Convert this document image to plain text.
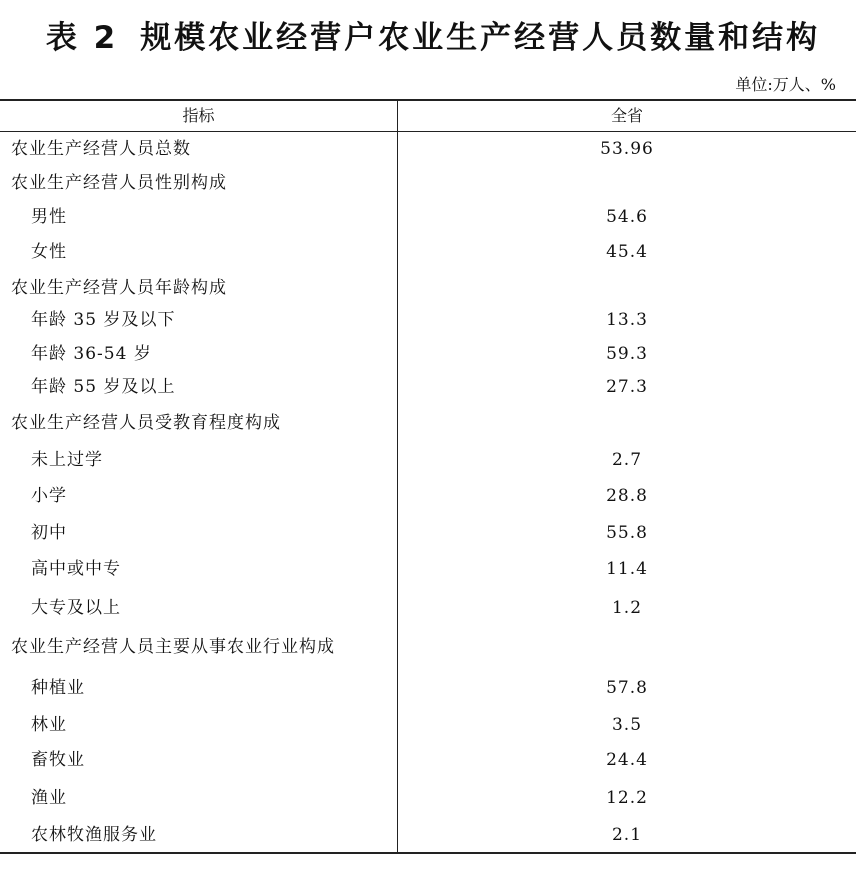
表 2 规模农业经营户农业生产经营人员数量和结构
单位:万人、%
指标	全省
农业生产经营人员总数	53.96
农业生产经营人员性别构成
男性	54.6
女性	45.4
农业生产经营人员年龄构成
年龄 35 岁及以下	13.3
年龄 36-54 岁	59.3
年龄 55 岁及以上	27.3
农业生产经营人员受教育程度构成
未上过学	2.7
小学	28.8
初中	55.8
高中或中专	11.4
大专及以上	1.2
农业生产经营人员主要从事农业行业构成
种植业	57.8
林业	3.5
畜牧业	24.4
渔业	12.2
农林牧渔服务业	2.1
